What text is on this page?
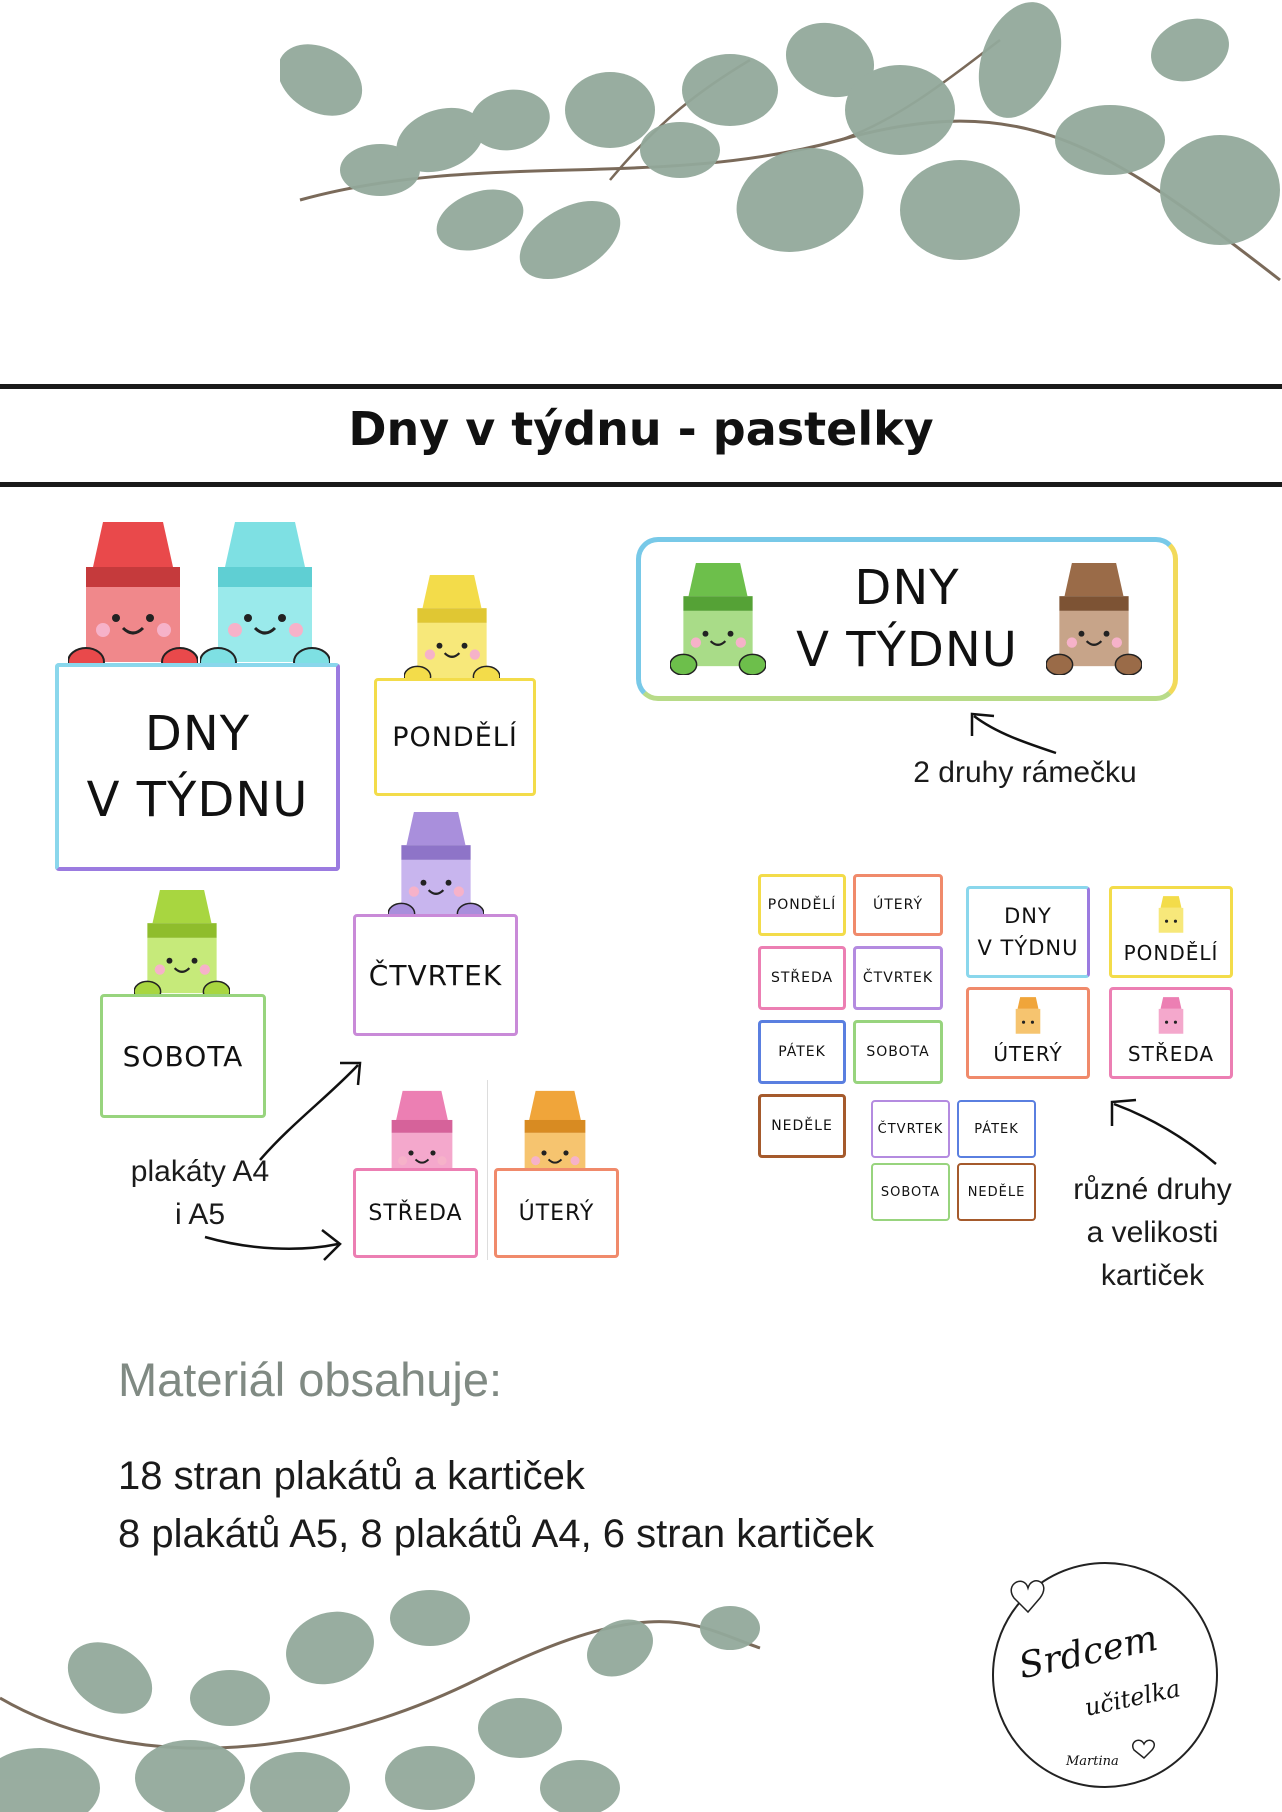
Dny v týdnu - pastelky
DNY
V TÝDNU
PONDĚLÍ
ČTVRTEK
SOBOTA
STŘEDA	ÚTERÝ
plakáty A4
i A5
DNY
V TÝDNU
2 druhy rámečku
PONDĚLÍ
STŘEDA
PÁTEK
NEDĚLE
ÚTERÝ
ČTVRTEK
SOBOTA
ČTVRTEK
SOBOTA
PÁTEK
NEDĚLE
DNY
V TÝDNU PONDĚLÍ
ÚTERÝ	STŘEDA
různé druhy
a velikosti
kartiček
Materiál obsahuje:
18 stran plakátů a kartiček
8 plakátů A5, 8 plakátů A4, 6 stran kartiček
Srdcem
učitelka
Martina
